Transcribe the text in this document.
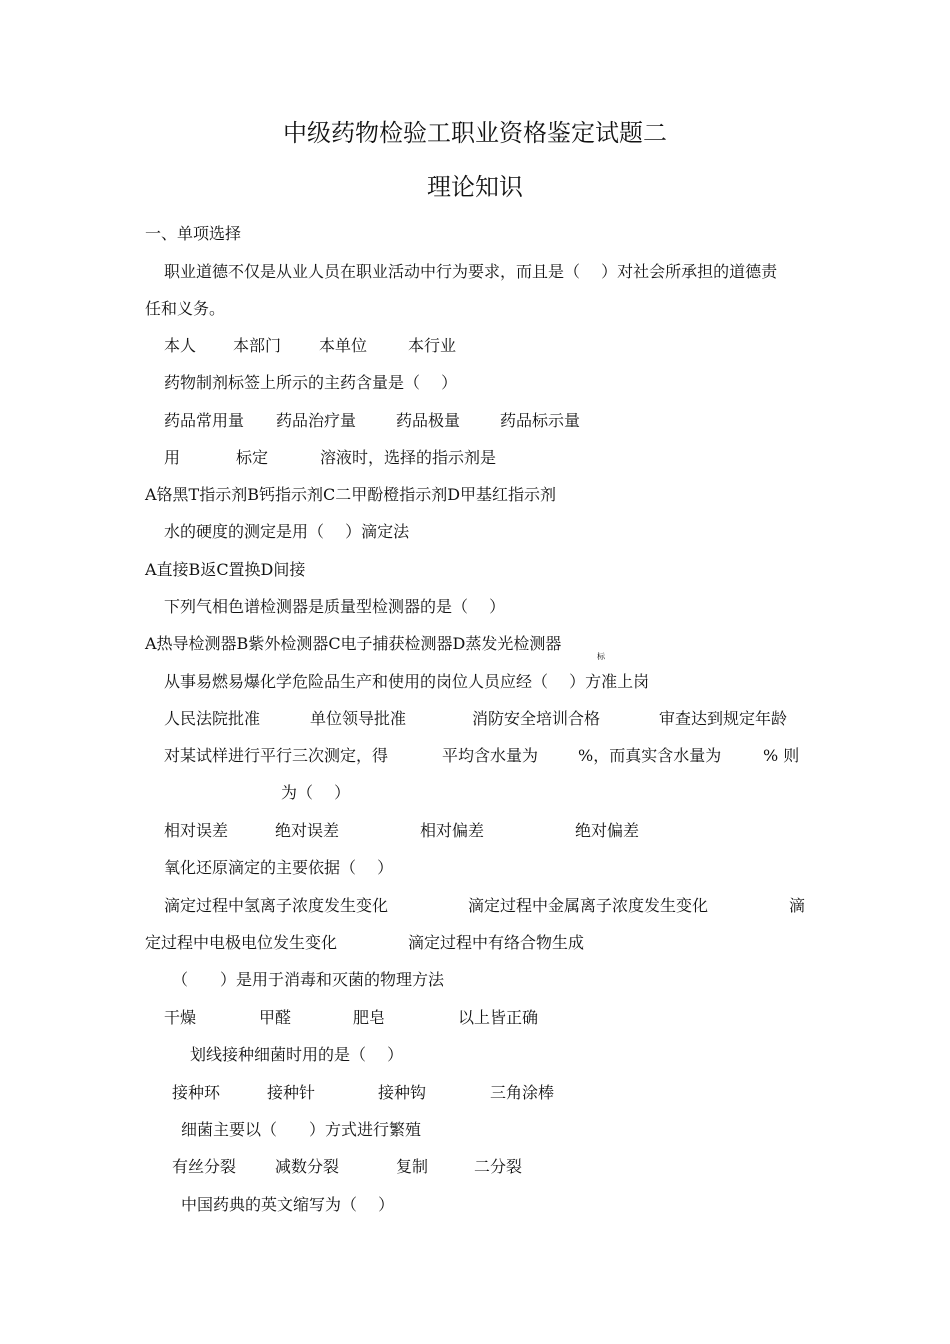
中级药物检验工职业资格鉴定试题二
理论知识
一、单项选择
职业道德不仅是从业人员在职业活动中行为要求，而且是（　 ）对社会所承担的道德责
任和义务。
本人 本部门 本单位	本行业
药物制剂标签上所示的主药含量是（　 ）
药品常用量 药品治疗量 药品极量 药品标示量
用	标定	溶液时，选择的指示剂是
A铬黑T指示剂B钙指示剂C二甲酚橙指示剂D甲基红指示剂
水的硬度的测定是用（　 ）滴定法
A直接B返C置换D间接
下列气相色谱检测器是质量型检测器的是（　 ）
A热导检测器B紫外检测器C电子捕获检测器D蒸发光检测器
标
从事易燃易爆化学危险品生产和使用的岗位人员应经（　 ）方准上岗
人民法院批准	单位领导批准	消防安全培训合格	审查达到规定年龄
对某试样进行平行三次测定，得	平均含水量为 %，而真实含水量为	% 则
为（　 ）
相对误差	绝对误差	相对偏差	绝对偏差
氧化还原滴定的主要依据（　 ）
滴定过程中氢离子浓度发生变化	滴定过程中金属离子浓度发生变化	滴
定过程中电极电位发生变化	滴定过程中有络合物生成
（　　）是用于消毒和灭菌的物理方法
干燥	甲醛	肥皂	以上皆正确
划线接种细菌时用的是（　 ）
接种环	接种针	接种钩	三角涂棒
细菌主要以（　　）方式进行繁殖
有丝分裂 减数分裂	复制	二分裂
中国药典的英文缩写为（　 ）
